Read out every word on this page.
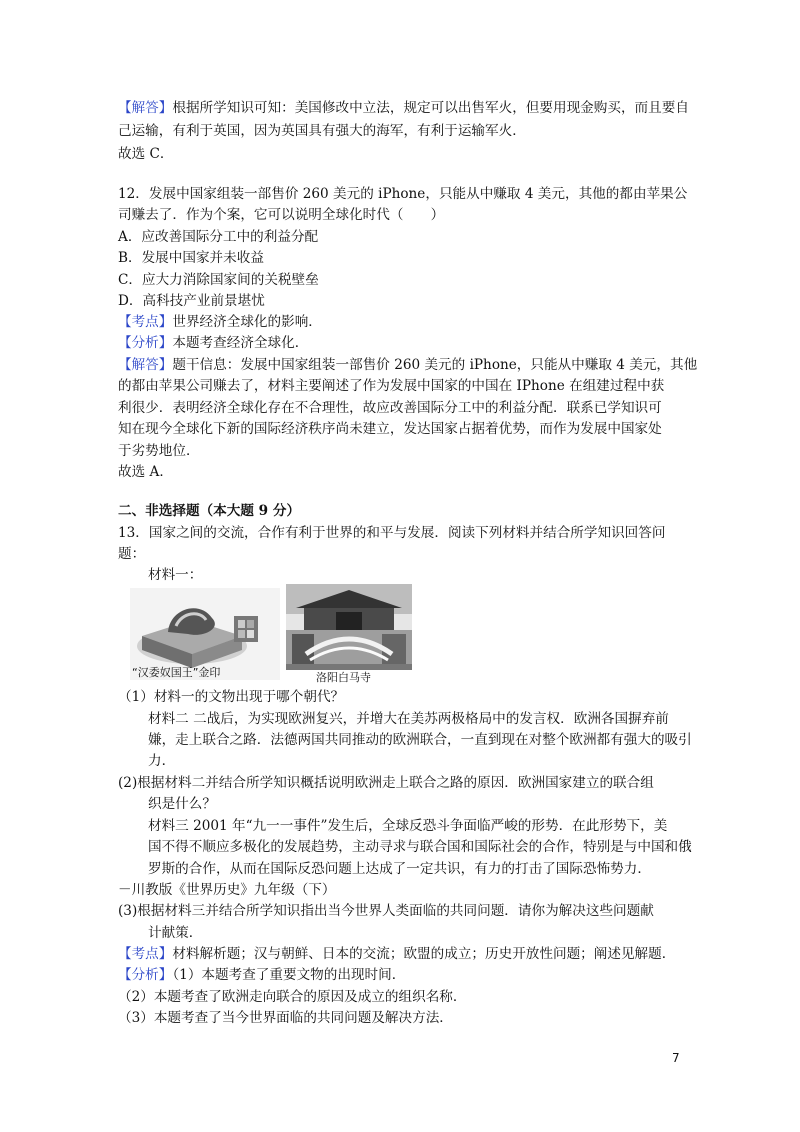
【解答】根据所学知识可知：美国修改中立法，规定可以出售军火，但要用现金购买，而且要自
己运输，有利于英国，因为英国具有强大的海军，有利于运输军火．
故选 C．
12．发展中国家组装一部售价 260 美元的 iPhone，只能从中赚取 4 美元，其他的都由苹果公
司赚去了．作为个案，它可以说明全球化时代（　　）
A．应改善国际分工中的利益分配
B．发展中国家并未收益
C．应大力消除国家间的关税壁垒
D．高科技产业前景堪忧
【考点】世界经济全球化的影响．
【分析】本题考查经济全球化．
【解答】题干信息：发展中国家组装一部售价 260 美元的 iPhone，只能从中赚取 4 美元，其他
的都由苹果公司赚去了，材料主要阐述了作为发展中国家的中国在 IPhone 在组建过程中获
利很少．表明经济全球化存在不合理性，故应改善国际分工中的利益分配．联系已学知识可
知在现今全球化下新的国际经济秩序尚未建立，发达国家占据着优势，而作为发展中国家处
于劣势地位．
故选 A．
二、非选择题（本大题 9 分）
13．国家之间的交流，合作有利于世界的和平与发展．阅读下列材料并结合所学知识回答问
题：
材料一：
“汉委奴国王”金印	洛阳白马寺
（1）材料一的文物出现于哪个朝代？
材料二 二战后，为实现欧洲复兴，并增大在美苏两极格局中的发言权．欧洲各国摒弃前
嫌，走上联合之路．法德两国共同推动的欧洲联合，一直到现在对整个欧洲都有强大的吸引
力．
(2)根据材料二并结合所学知识概括说明欧洲走上联合之路的原因．欧洲国家建立的联合组
织是什么？
材料三 2001 年“九一一事件”发生后，全球反恐斗争面临严峻的形势．在此形势下，美
国不得不顺应多极化的发展趋势，主动寻求与联合国和国际社会的合作，特别是与中国和俄
罗斯的合作，从而在国际反恐问题上达成了一定共识，有力的打击了国际恐怖势力．
－川教版《世界历史》九年级（下）
(3)根据材料三并结合所学知识指出当今世界人类面临的共同问题．请你为解决这些问题献
计献策．
【考点】材料解析题；汉与朝鲜、日本的交流；欧盟的成立；历史开放性问题；阐述见解题．
【分析】（1）本题考查了重要文物的出现时间．
（2）本题考查了欧洲走向联合的原因及成立的组织名称．
（3）本题考查了当今世界面临的共同问题及解决方法．
7
